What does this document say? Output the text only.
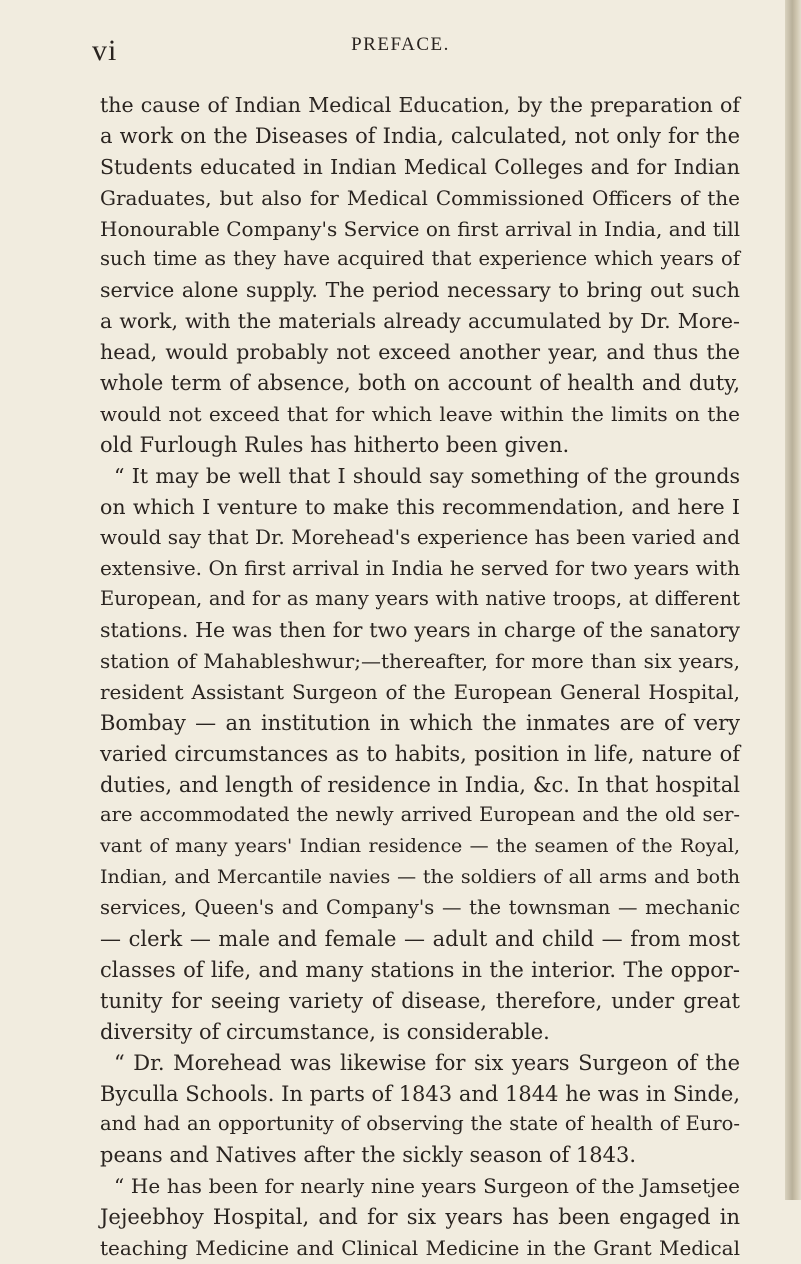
vi	PREFACE.
the cause of Indian Medical Education, by the preparation of
a work on the Diseases of India, calculated, not only for the
Students educated in Indian Medical Colleges and for Indian
Graduates, but also for Medical Commissioned Officers of the
Honourable Company's Service on first arrival in India, and till
such time as they have acquired that experience which years of
service alone supply. The period necessary to bring out such
a work, with the materials already accumulated by Dr. More-
head, would probably not exceed another year, and thus the
whole term of absence, both on account of health and duty,
would not exceed that for which leave within the limits on the
old Furlough Rules has hitherto been given.
“ It may be well that I should say something of the grounds
on which I venture to make this recommendation, and here I
would say that Dr. Morehead's experience has been varied and
extensive. On first arrival in India he served for two years with
European, and for as many years with native troops, at different
stations. He was then for two years in charge of the sanatory
station of Mahableshwur;—thereafter, for more than six years,
resident Assistant Surgeon of the European General Hospital,
Bombay — an institution in which the inmates are of very
varied circumstances as to habits, position in life, nature of
duties, and length of residence in India, &c. In that hospital
are accommodated the newly arrived European and the old ser-
vant of many years' Indian residence — the seamen of the Royal,
Indian, and Mercantile navies — the soldiers of all arms and both
services, Queen's and Company's — the townsman — mechanic
— clerk — male and female — adult and child — from most
classes of life, and many stations in the interior. The oppor-
tunity for seeing variety of disease, therefore, under great
diversity of circumstance, is considerable.
“ Dr. Morehead was likewise for six years Surgeon of the
Byculla Schools. In parts of 1843 and 1844 he was in Sinde,
and had an opportunity of observing the state of health of Euro-
peans and Natives after the sickly season of 1843.
“ He has been for nearly nine years Surgeon of the Jamsetjee
Jejeebhoy Hospital, and for six years has been engaged in
teaching Medicine and Clinical Medicine in the Grant Medical
